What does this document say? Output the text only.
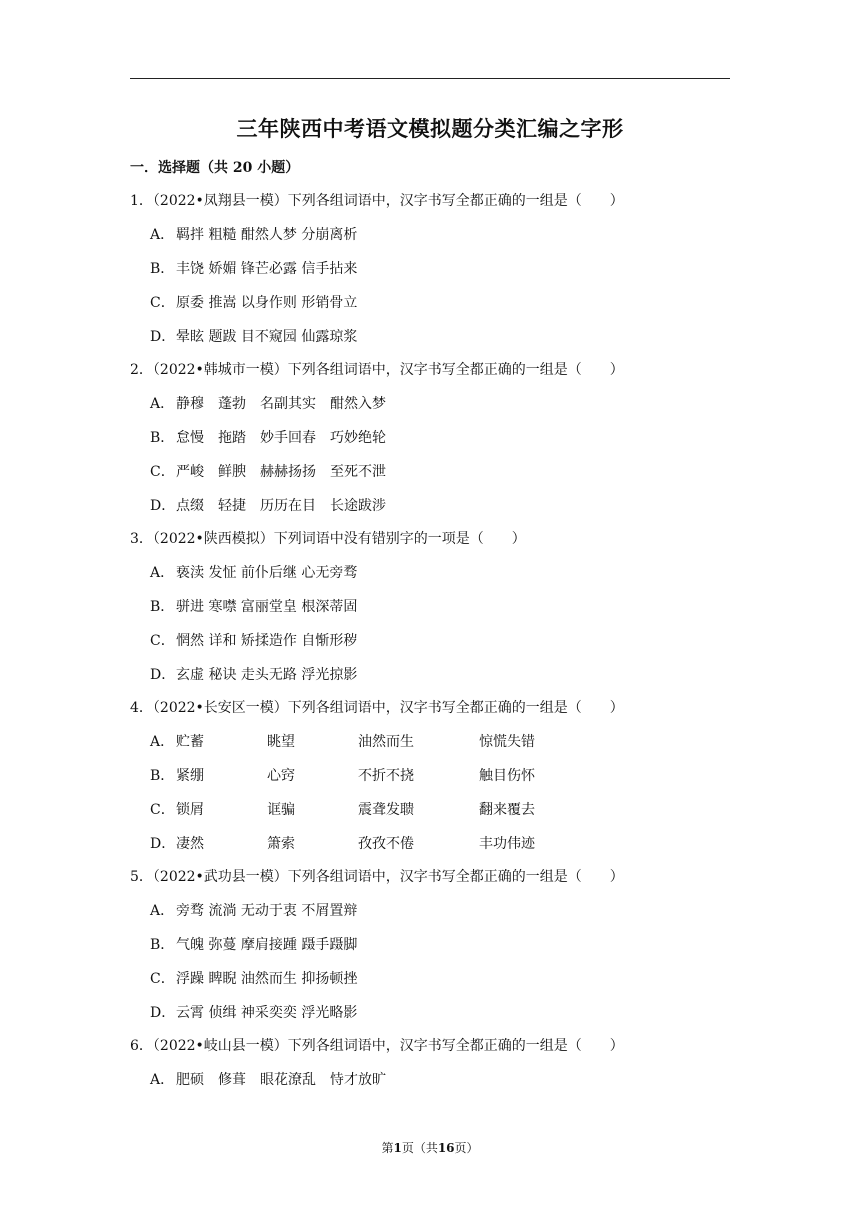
三年陕西中考语文模拟题分类汇编之字形
一．选择题（共 20 小题）
1．（2022•凤翔县一模）下列各组词语中，汉字书写全都正确的一组是（　　）
A． 羁拌 粗糙 酣然人梦 分崩离析
B． 丰饶 娇媚 锋芒必露 信手拈来
C．原委 推嵩 以身作则 形销骨立
D．晕眩 题跋 目不窥园 仙露琼浆
2．（2022•韩城市一模）下列各组词语中，汉字书写全都正确的一组是（　　）
A． 静穆　蓬勃　名副其实　酣然入梦
B． 怠慢　拖踏　妙手回春　巧妙绝轮
C．严峻　鲜腴　赫赫扬扬　至死不泄
D．点缀　轻捷　历历在目　长途跋涉
3．（2022•陕西模拟）下列词语中没有错别字的一项是（　　）
A． 亵渎 发怔 前仆后继 心无旁骛
B． 骈进 寒噤 富丽堂皇 根深蒂固
C．惘然 详和 矫揉造作 自惭形秽
D．玄虚 秘诀 走头无路 浮光掠影
4．（2022•长安区一模）下列各组词语中，汉字书写全都正确的一组是（　　）
A． 贮蓄	眺望	油然而生	惊慌失错
B． 紧绷	心窍	不折不挠	触目伤怀
C． 锁屑	诓骗	震聋发聩	翻来覆去
D． 凄然	箫索	孜孜不倦	丰功伟迹
5．（2022•武功县一模）下列各组词语中，汉字书写全都正确的一组是（　　）
A． 旁骛 流淌 无动于衷 不屑置辩
B． 气魄 弥蔓 摩肩接踵 蹑手蹑脚
C．浮躁 睥睨 油然而生 抑扬顿挫
D．云霄 侦缉 神采奕奕 浮光略影
6．（2022•岐山县一模）下列各组词语中，汉字书写全都正确的一组是（　　）
A． 肥硕　修葺　眼花潦乱　恃才放旷
第1页（共16页）
